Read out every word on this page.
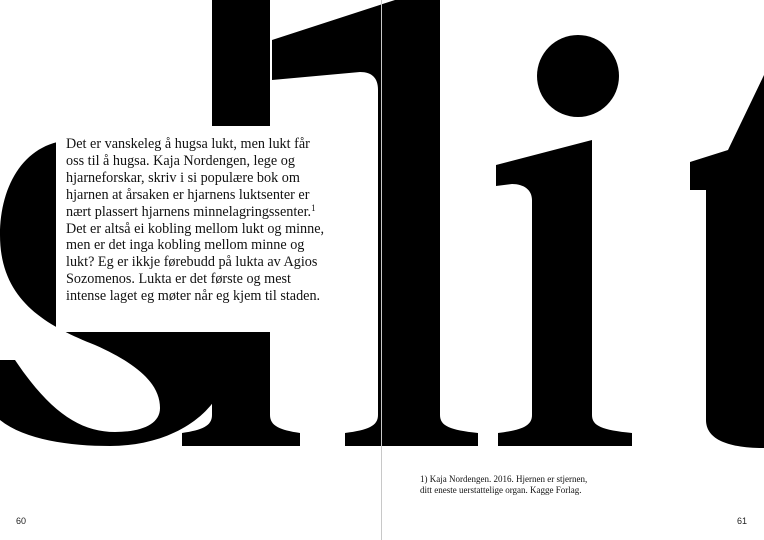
Det er vanskeleg å hugsa lukt, men lukt får
oss til å hugsa. Kaja Nordengen, lege og
hjarneforskar, skriv i si populære bok om
hjarnen at årsaken er hjarnens luktsenter er
nært plassert hjarnens minnelagringssenter.$^1$
Det er altså ei kobling mellom lukt og minne,
men er det inga kobling mellom minne og
lukt? Eg er ikkje førebudd på lukta av Agios
Sozomenos. Lukta er det første og mest
intense laget eg møter når eg kjem til staden.

1) Kaja Nordengen. 2016. Hjernen er stjernen,
ditt eneste uerstattelige organ. Kagge Forlag.
60	61
